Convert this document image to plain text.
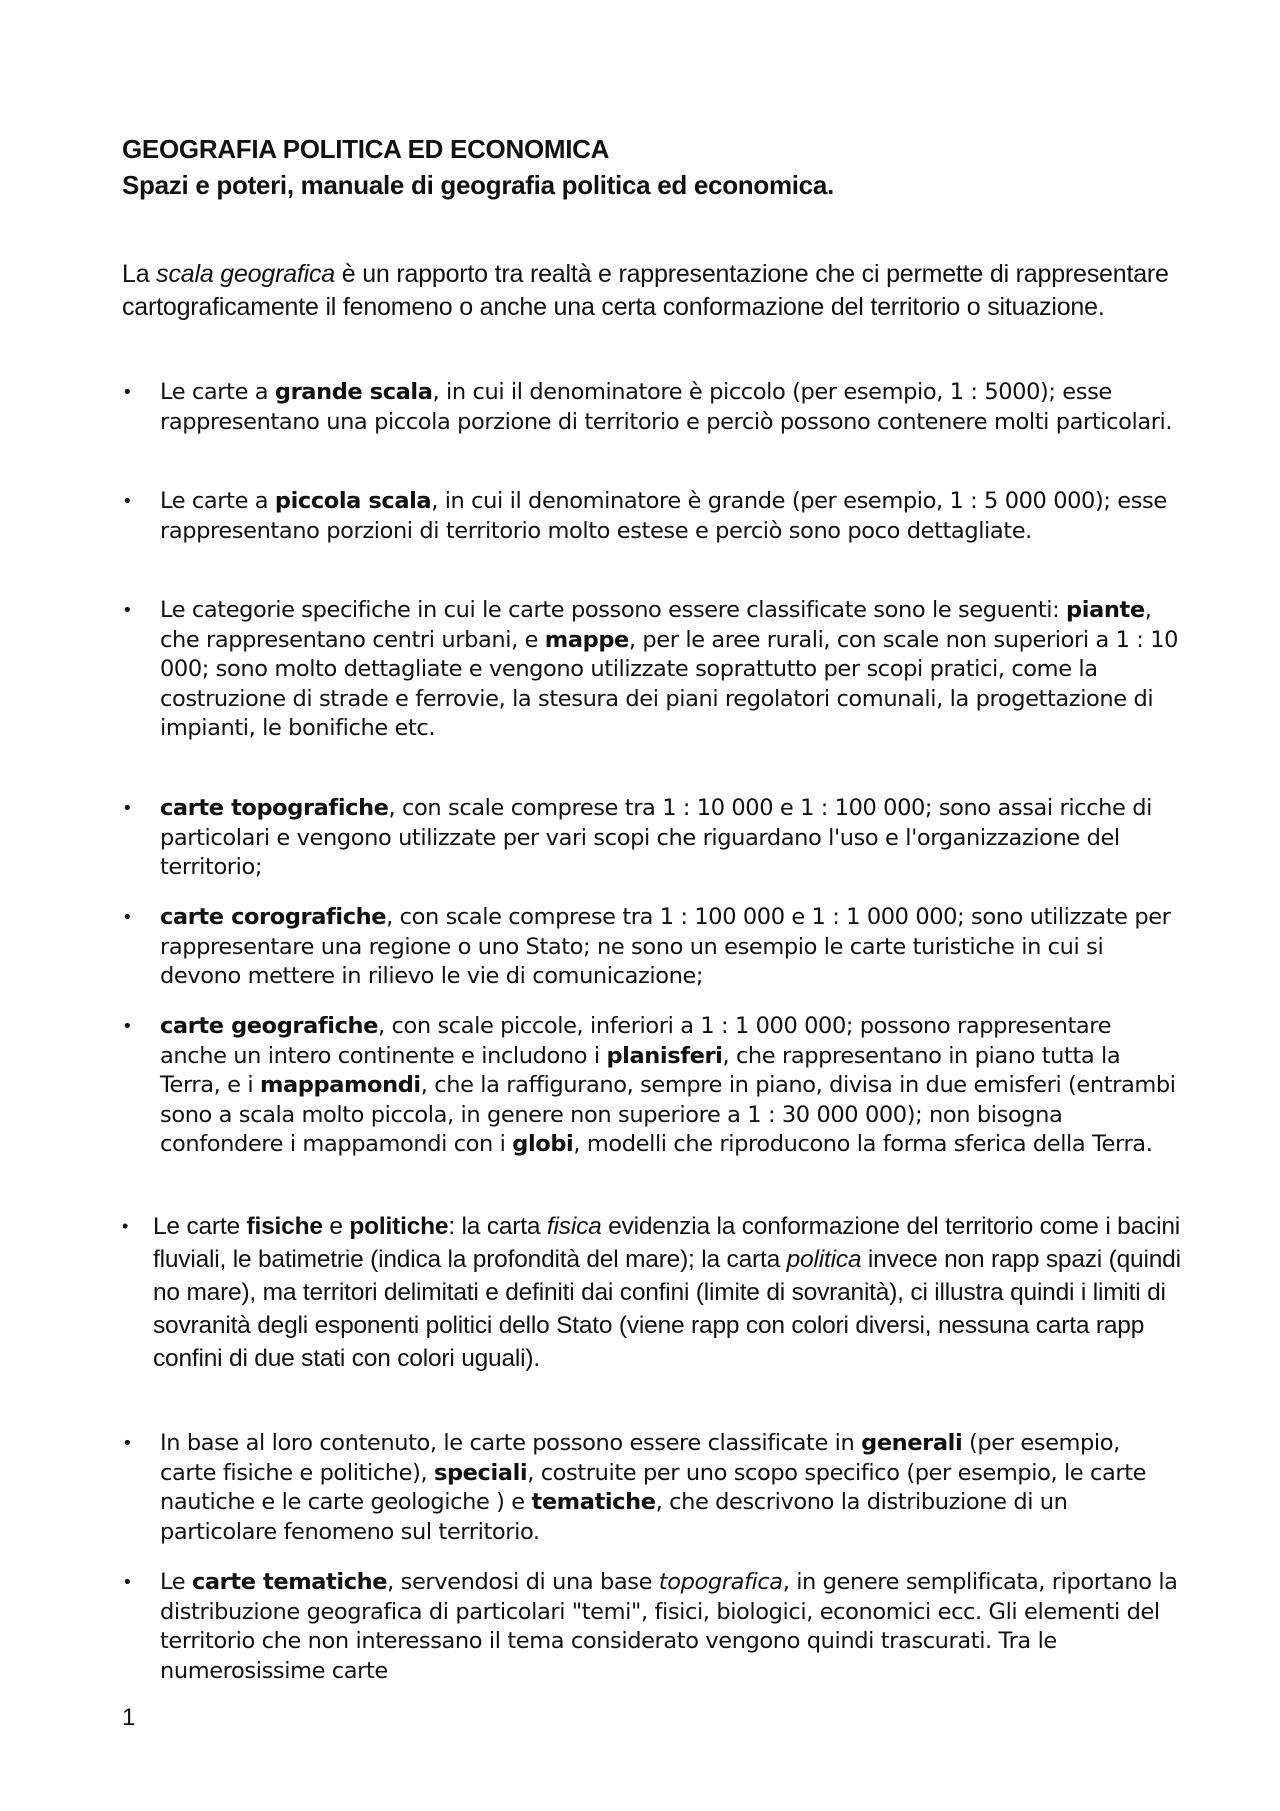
GEOGRAFIA POLITICA ED ECONOMICA
Spazi e poteri, manuale di geografia politica ed economica.

La scala geografica è un rapporto tra realtà e rappresentazione che ci permette di rappresentare cartograficamente il fenomeno o anche una certa conformazione del territorio o situazione.

• Le carte a grande scala, in cui il denominatore è piccolo (per esempio, 1 : 5000); esse rappresentano una piccola porzione di territorio e perciò possono contenere molti particolari.
• Le carte a piccola scala, in cui il denominatore è grande (per esempio, 1 : 5 000 000); esse rappresentano porzioni di territorio molto estese e perciò sono poco dettagliate.
• Le categorie specifiche in cui le carte possono essere classificate sono le seguenti: piante, che rappresentano centri urbani, e mappe, per le aree rurali, con scale non superiori a 1 : 10 000; sono molto dettagliate e vengono utilizzate soprattutto per scopi pratici, come la costruzione di strade e ferrovie, la stesura dei piani regolatori comunali, la progettazione di impianti, le bonifiche etc.
• carte topografiche, con scale comprese tra 1 : 10 000 e 1 : 100 000; sono assai ricche di particolari e vengono utilizzate per vari scopi che riguardano l'uso e l'organizzazione del territorio;
• carte corografiche, con scale comprese tra 1 : 100 000 e 1 : 1 000 000; sono utilizzate per rappresentare una regione o uno Stato; ne sono un esempio le carte turistiche in cui si devono mettere in rilievo le vie di comunicazione;
• carte geografiche, con scale piccole, inferiori a 1 : 1 000 000; possono rappresentare anche un intero continente e includono i planisferi, che rappresentano in piano tutta la Terra, e i mappamondi, che la raffigurano, sempre in piano, divisa in due emisferi (entrambi sono a scala molto piccola, in genere non superiore a 1 : 30 000 000); non bisogna confondere i mappamondi con i globi, modelli che riproducono la forma sferica della Terra.
• Le carte fisiche e politiche: la carta fisica evidenzia la conformazione del territorio come i bacini fluviali, le batimetrie (indica la profondità del mare); la carta politica invece non rapp spazi (quindi no mare), ma territori delimitati e definiti dai confini (limite di sovranità), ci illustra quindi i limiti di sovranità degli esponenti politici dello Stato (viene rapp con colori diversi, nessuna carta rapp confini di due stati con colori uguali).
• In base al loro contenuto, le carte possono essere classificate in generali (per esempio, carte fisiche e politiche), speciali, costruite per uno scopo specifico (per esempio, le carte nautiche e le carte geologiche ) e tematiche, che descrivono la distribuzione di un particolare fenomeno sul territorio.
• Le carte tematiche, servendosi di una base topografica, in genere semplificata, riportano la distribuzione geografica di particolari "temi", fisici, biologici, economici ecc. Gli elementi del territorio che non interessano il tema considerato vengono quindi trascurati. Tra le numerosissime carte
1
